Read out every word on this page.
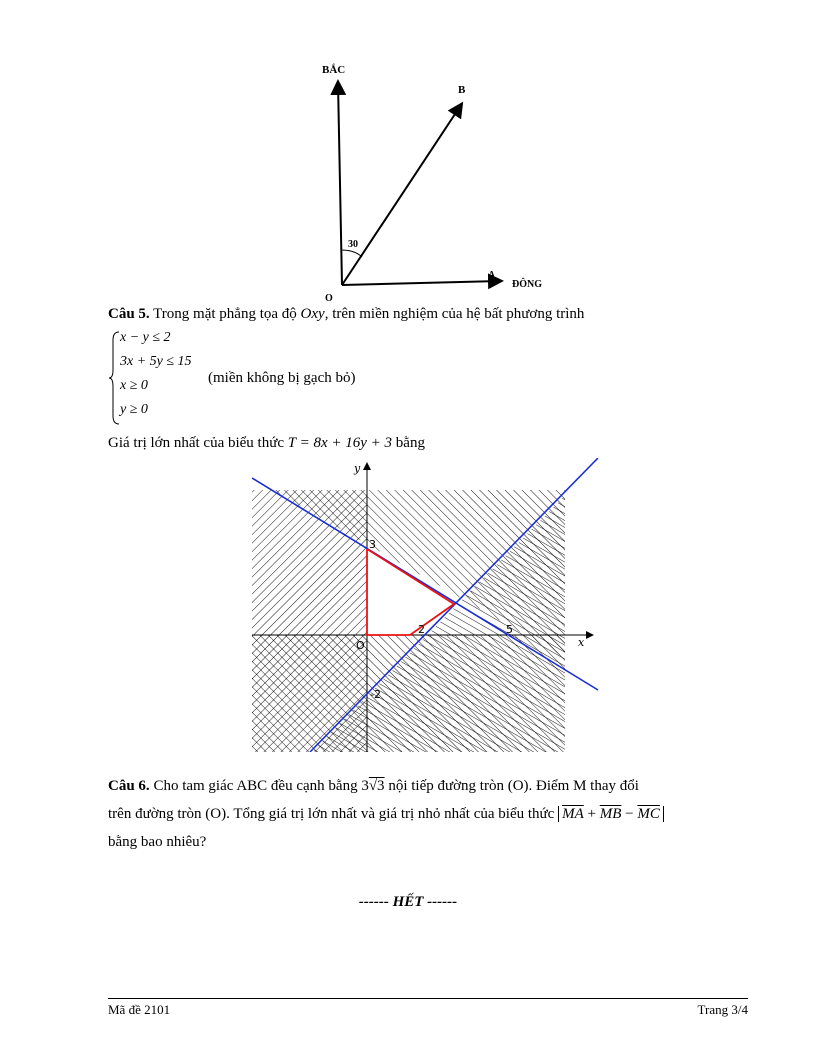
BẮC
B
30
A
ĐÔNG
O
Câu 5. Trong mặt phẳng tọa độ Oxy, trên miền nghiệm của hệ bất phương trình
x − y ≤ 2
3x + 5y ≤ 15
x ≥ 0
y ≥ 0
(miền không bị gạch bỏ)
Giá trị lớn nhất của biểu thức T = 8x + 16y + 3 bằng
y
x
O
3
2	5
-2
Câu 6. Cho tam giác ABC đều cạnh bằng 3√3 nội tiếp đường tròn (O). Điểm M thay đổi
trên đường tròn (O). Tổng giá trị lớn nhất và giá trị nhỏ nhất của biểu thức $\overline{MA} + \overline{MB} - \overline{MC}$
bằng bao nhiêu?
------ HẾT ------
Mã đề 2101	Trang 3/4
